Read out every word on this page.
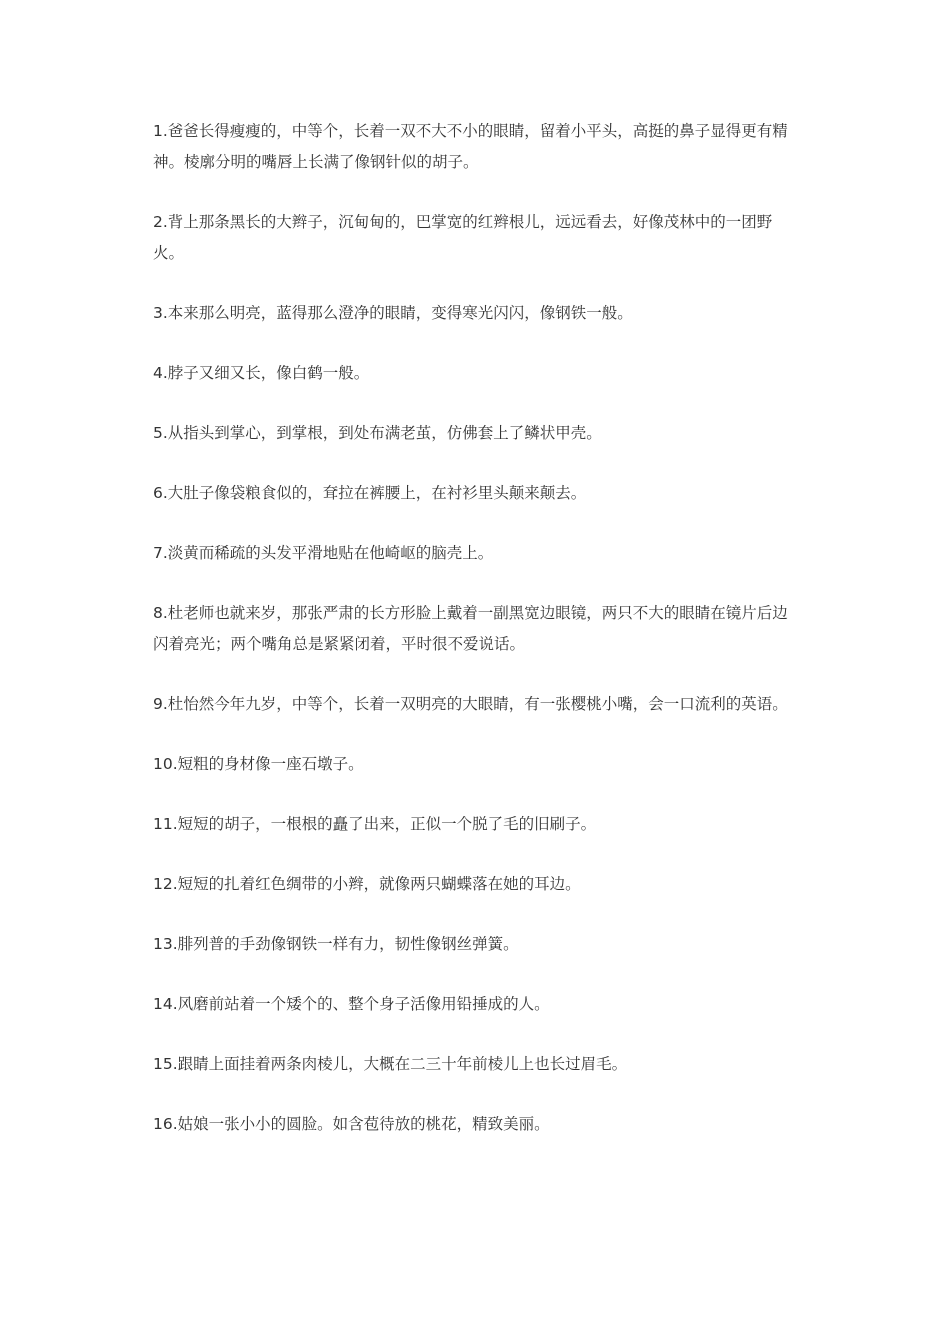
1.爸爸长得瘦瘦的，中等个，长着一双不大不小的眼睛，留着小平头，高挺的鼻子显得更有精神。棱廓分明的嘴唇上长满了像钢针似的胡子。

2.背上那条黑长的大辫子，沉甸甸的，巴掌宽的红辫根儿，远远看去，好像茂林中的一团野火。

3.本来那么明亮，蓝得那么澄净的眼睛，变得寒光闪闪，像钢铁一般。

4.脖子又细又长，像白鹤一般。

5.从指头到掌心，到掌根，到处布满老茧，仿佛套上了鳞状甲壳。

6.大肚子像袋粮食似的，耷拉在裤腰上，在衬衫里头颠来颠去。

7.淡黄而稀疏的头发平滑地贴在他崎岖的脑壳上。

8.杜老师也就来岁，那张严肃的长方形脸上戴着一副黑宽边眼镜，两只不大的眼睛在镜片后边闪着亮光；两个嘴角总是紧紧闭着，平时很不爱说话。

9.杜怡然今年九岁，中等个，长着一双明亮的大眼睛，有一张樱桃小嘴，会一口流利的英语。

10.短粗的身材像一座石墩子。

11.短短的胡子，一根根的矗了出来，正似一个脱了毛的旧刷子。

12.短短的扎着红色绸带的小辫，就像两只蝴蝶落在她的耳边。

13.腓列普的手劲像钢铁一样有力，韧性像钢丝弹簧。

14.风磨前站着一个矮个的、整个身子活像用铅捶成的人。

15.跟睛上面挂着两条肉棱儿，大概在二三十年前棱儿上也长过眉毛。

16.姑娘一张小小的圆脸。如含苞待放的桃花，精致美丽。
